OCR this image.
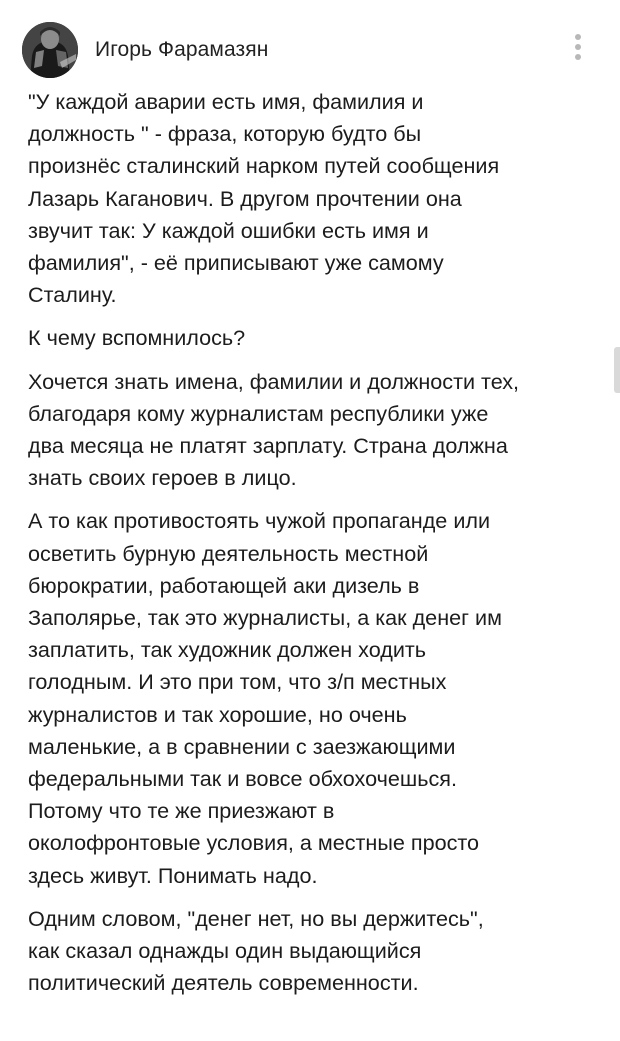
Игорь Фарамазян

"У каждой аварии есть имя, фамилия и
должность " - фраза, которую будто бы
произнёс сталинский нарком путей сообщения
Лазарь Каганович. В другом прочтении она
звучит так: У каждой ошибки есть имя и
фамилия", - её приписывают уже самому
Сталину.

К чему вспомнилось?

Хочется знать имена, фамилии и должности тех,
благодаря кому журналистам республики уже
два месяца не платят зарплату. Страна должна
знать своих героев в лицо.

А то как противостоять чужой пропаганде или
осветить бурную деятельность местной
бюрократии, работающей аки дизель в
Заполярье, так это журналисты, а как денег им
заплатить, так художник должен ходить
голодным. И это при том, что з/п местных
журналистов и так хорошие, но очень
маленькие, а в сравнении с заезжающими
федеральными так и вовсе обхохочешься.
Потому что те же приезжают в
околофронтовые условия, а местные просто
здесь живут. Понимать надо.

Одним словом, "денег нет, но вы держитесь",
как сказал однажды один выдающийся
политический деятель современности.
